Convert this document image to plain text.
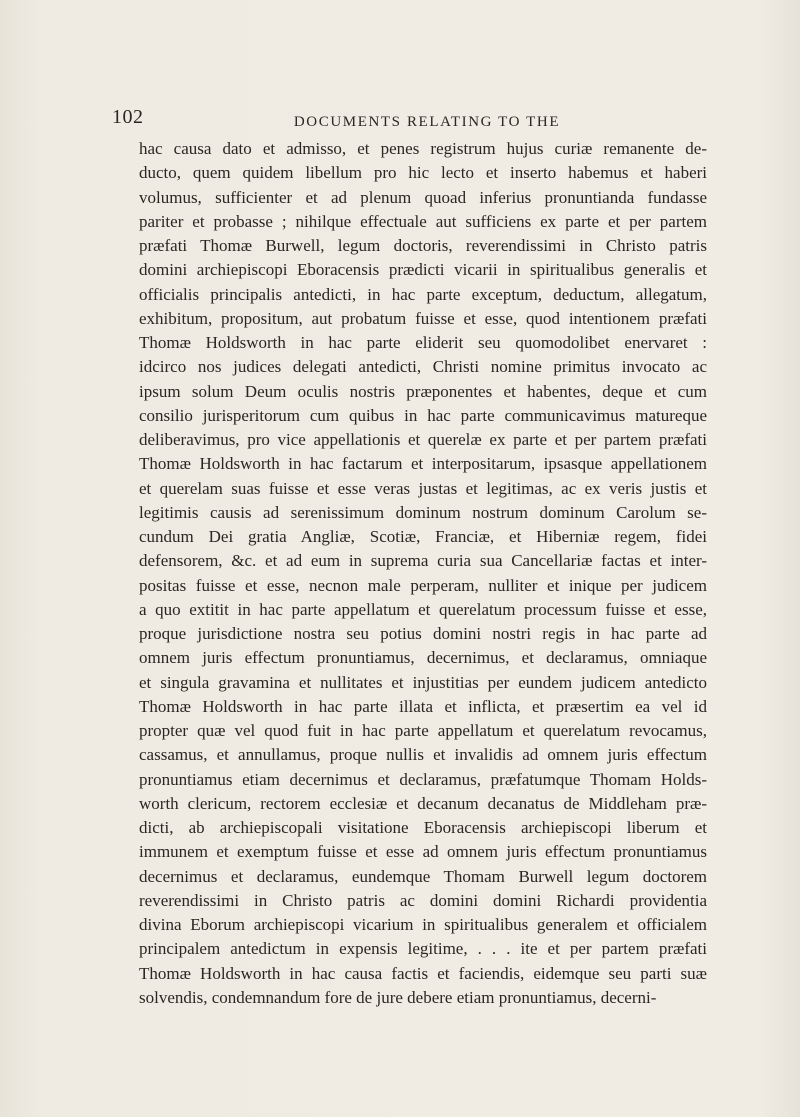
102	DOCUMENTS RELATING TO THE
hac causa dato et admisso, et penes registrum hujus curiæ remanente de-
ducto, quem quidem libellum pro hic lecto et inserto habemus et haberi
volumus, sufficienter et ad plenum quoad inferius pronuntianda fundasse
pariter et probasse ; nihilque effectuale aut sufficiens ex parte et per partem
præfati Thomæ Burwell, legum doctoris, reverendissimi in Christo patris
domini archiepiscopi Eboracensis prædicti vicarii in spiritualibus generalis et
officialis principalis antedicti, in hac parte exceptum, deductum, allegatum,
exhibitum, propositum, aut probatum fuisse et esse, quod intentionem præfati
Thomæ Holdsworth in hac parte eliderit seu quomodolibet enervaret :
idcirco nos judices delegati antedicti, Christi nomine primitus invocato ac
ipsum solum Deum oculis nostris præponentes et habentes, deque et cum
consilio jurisperitorum cum quibus in hac parte communicavimus matureque
deliberavimus, pro vice appellationis et querelæ ex parte et per partem præfati
Thomæ Holdsworth in hac factarum et interpositarum, ipsasque appellationem
et querelam suas fuisse et esse veras justas et legitimas, ac ex veris justis et
legitimis causis ad serenissimum dominum nostrum dominum Carolum se-
cundum Dei gratia Angliæ, Scotiæ, Franciæ, et Hiberniæ regem, fidei
defensorem, &c. et ad eum in suprema curia sua Cancellariæ factas et inter-
positas fuisse et esse, necnon male perperam, nulliter et inique per judicem
a quo extitit in hac parte appellatum et querelatum processum fuisse et esse,
proque jurisdictione nostra seu potius domini nostri regis in hac parte ad
omnem juris effectum pronuntiamus, decernimus, et declaramus, omniaque
et singula gravamina et nullitates et injustitias per eundem judicem antedicto
Thomæ Holdsworth in hac parte illata et inflicta, et præsertim ea vel id
propter quæ vel quod fuit in hac parte appellatum et querelatum revocamus,
cassamus, et annullamus, proque nullis et invalidis ad omnem juris effectum
pronuntiamus etiam decernimus et declaramus, præfatumque Thomam Holds-
worth clericum, rectorem ecclesiæ et decanum decanatus de Middleham præ-
dicti, ab archiepiscopali visitatione Eboracensis archiepiscopi liberum et
immunem et exemptum fuisse et esse ad omnem juris effectum pronuntiamus
decernimus et declaramus, eundemque Thomam Burwell legum doctorem
reverendissimi in Christo patris ac domini domini Richardi providentia
divina Eborum archiepiscopi vicarium in spiritualibus generalem et officialem
principalem antedictum in expensis legitime, . . . ite et per partem præfati
Thomæ Holdsworth in hac causa factis et faciendis, eidemque seu parti suæ
solvendis, condemnandum fore de jure debere etiam pronuntiamus, decerni-
